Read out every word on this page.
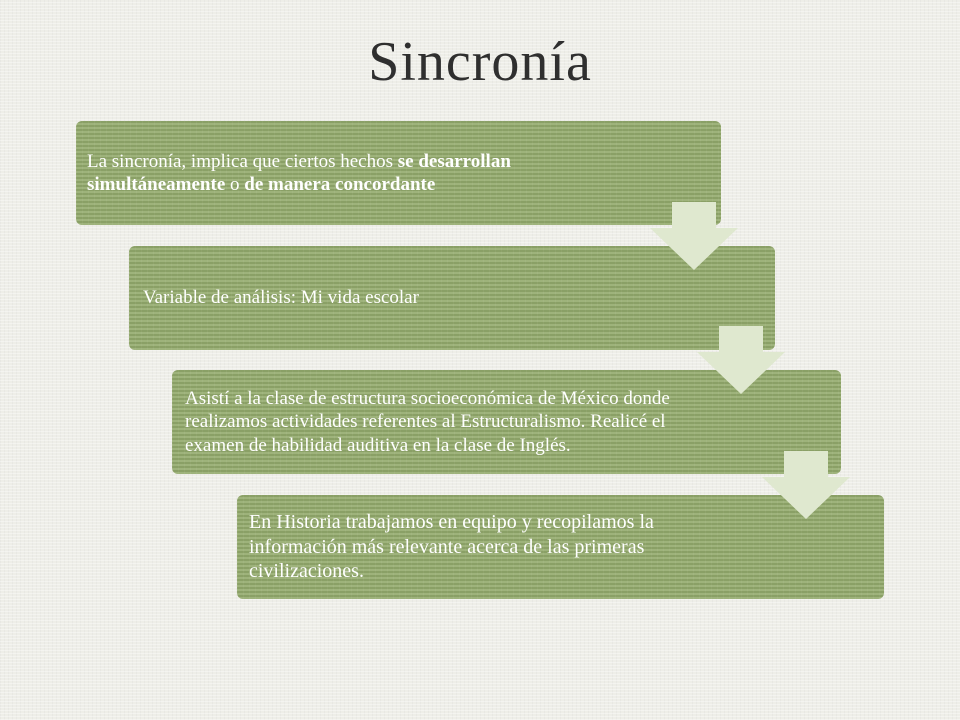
Sincronía
La sincronía, implica que ciertos hechos se desarrollan simultáneamente o de manera concordante
Variable de análisis: Mi vida escolar
Asistí a la clase de estructura socioeconómica de México donde realizamos actividades referentes al Estructuralismo. Realicé el examen de habilidad auditiva en la clase de Inglés.
En Historia trabajamos en equipo y recopilamos la información más relevante acerca de las primeras civilizaciones.
